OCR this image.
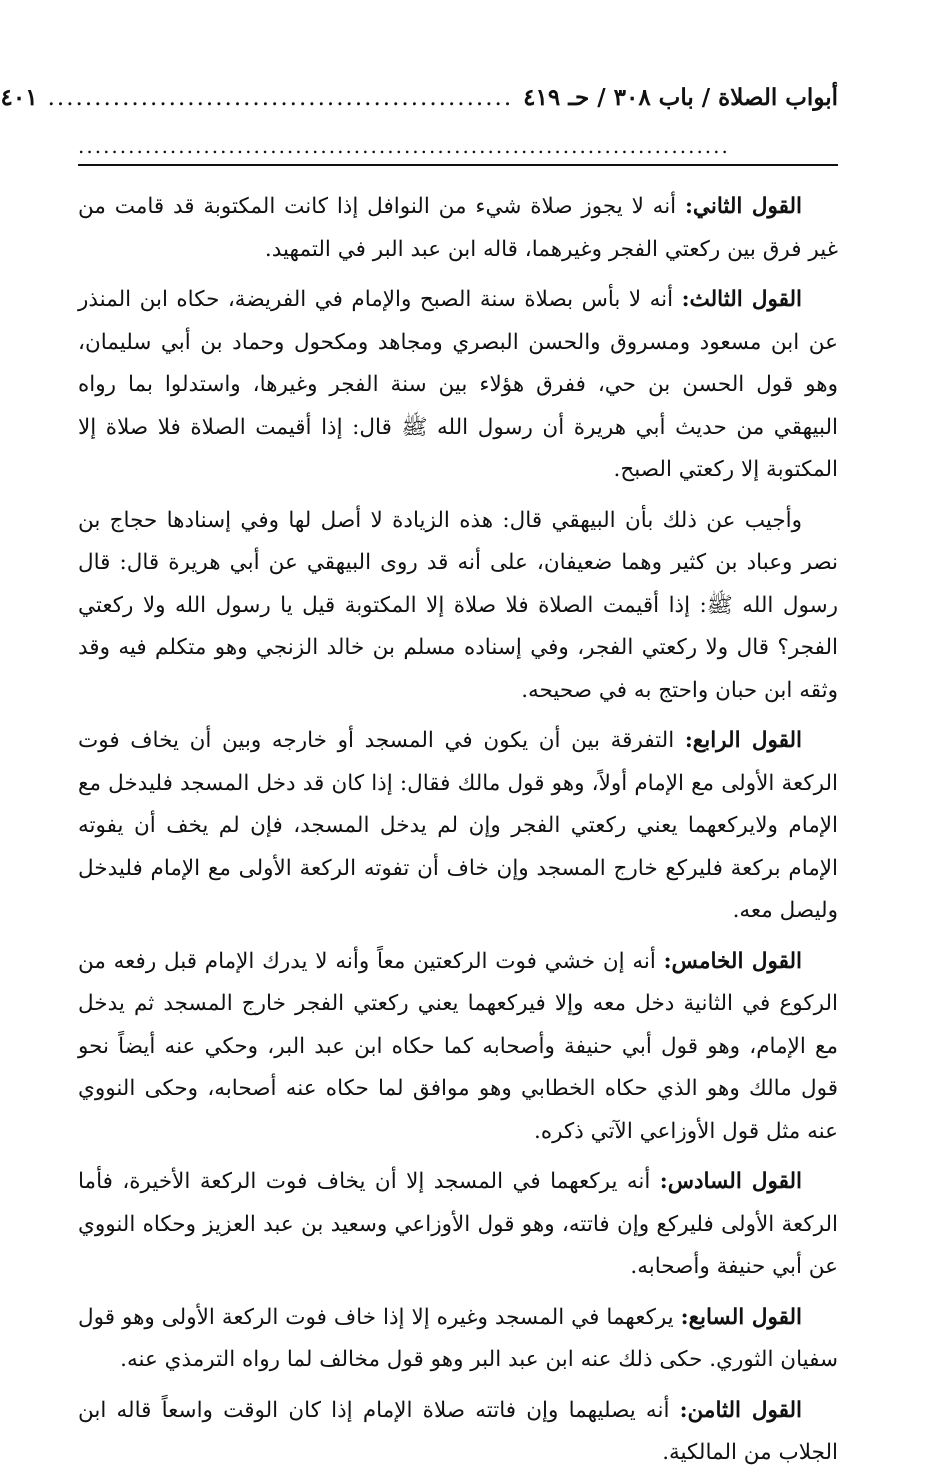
أبواب الصلاة / باب ٣٠٨ / حـ ٤١٩
..................................................
٤٠١
..............................................................................

القول الثاني: أنه لا يجوز صلاة شيء من النوافل إذا كانت المكتوبة قد قامت من غير فرق بين ركعتي الفجر وغيرهما، قاله ابن عبد البر في التمهيد.

القول الثالث: أنه لا بأس بصلاة سنة الصبح والإمام في الفريضة، حكاه ابن المنذر عن ابن مسعود ومسروق والحسن البصري ومجاهد ومكحول وحماد بن أبي سليمان، وهو قول الحسن بن حي، ففرق هؤلاء بين سنة الفجر وغيرها، واستدلوا بما رواه البيهقي من حديث أبي هريرة أن رسول الله ﷺ قال: إذا أقيمت الصلاة فلا صلاة إلا المكتوبة إلا ركعتي الصبح.

وأجيب عن ذلك بأن البيهقي قال: هذه الزيادة لا أصل لها وفي إسنادها حجاج بن نصر وعباد بن كثير وهما ضعيفان، على أنه قد روى البيهقي عن أبي هريرة قال: قال رسول الله ﷺ: إذا أقيمت الصلاة فلا صلاة إلا المكتوبة قيل يا رسول الله ولا ركعتي الفجر؟ قال ولا ركعتي الفجر، وفي إسناده مسلم بن خالد الزنجي وهو متكلم فيه وقد وثقه ابن حبان واحتج به في صحيحه.

القول الرابع: التفرقة بين أن يكون في المسجد أو خارجه وبين أن يخاف فوت الركعة الأولى مع الإمام أولاً، وهو قول مالك فقال: إذا كان قد دخل المسجد فليدخل مع الإمام ولايركعهما يعني ركعتي الفجر وإن لم يدخل المسجد، فإن لم يخف أن يفوته الإمام بركعة فليركع خارج المسجد وإن خاف أن تفوته الركعة الأولى مع الإمام فليدخل وليصل معه.

القول الخامس: أنه إن خشي فوت الركعتين معاً وأنه لا يدرك الإمام قبل رفعه من الركوع في الثانية دخل معه وإلا فيركعهما يعني ركعتي الفجر خارج المسجد ثم يدخل مع الإمام، وهو قول أبي حنيفة وأصحابه كما حكاه ابن عبد البر، وحكي عنه أيضاً نحو قول مالك وهو الذي حكاه الخطابي وهو موافق لما حكاه عنه أصحابه، وحكى النووي عنه مثل قول الأوزاعي الآتي ذكره.

القول السادس: أنه يركعهما في المسجد إلا أن يخاف فوت الركعة الأخيرة، فأما الركعة الأولى فليركع وإن فاتته، وهو قول الأوزاعي وسعيد بن عبد العزيز وحكاه النووي عن أبي حنيفة وأصحابه.

القول السابع: يركعهما في المسجد وغيره إلا إذا خاف فوت الركعة الأولى وهو قول سفيان الثوري. حكى ذلك عنه ابن عبد البر وهو قول مخالف لما رواه الترمذي عنه.

القول الثامن: أنه يصليهما وإن فاتته صلاة الإمام إذا كان الوقت واسعاً قاله ابن الجلاب من المالكية.
